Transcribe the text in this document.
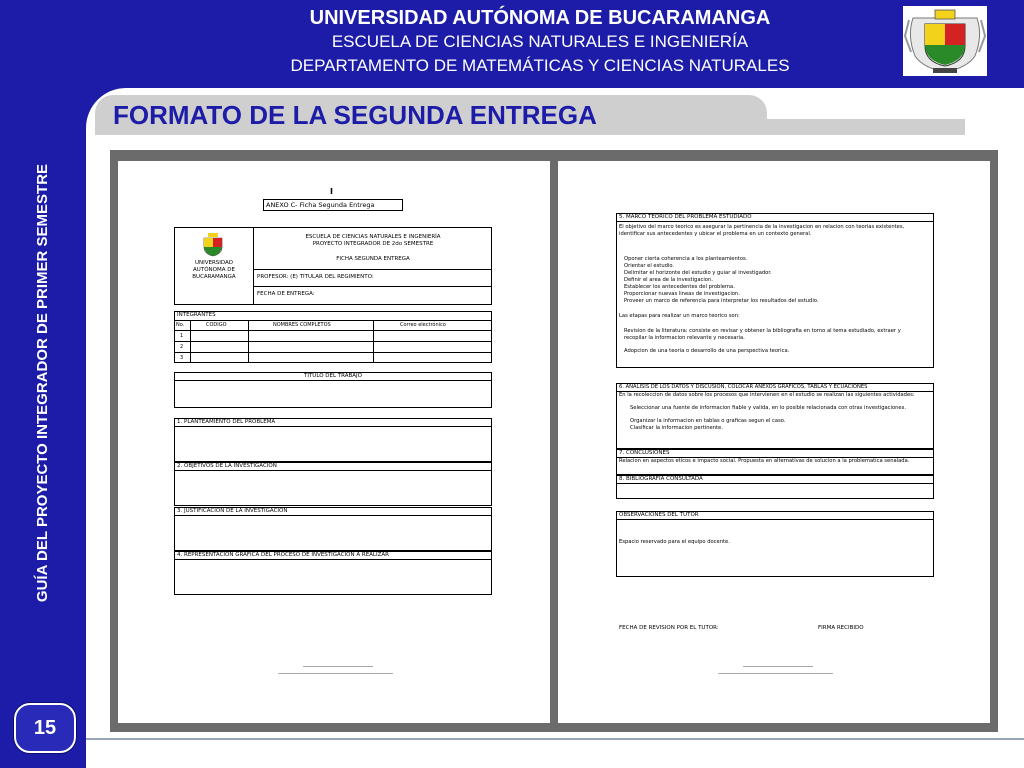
UNIVERSIDAD AUTÓNOMA DE BUCARAMANGA
ESCUELA DE CIENCIAS NATURALES E INGENIERÍA
DEPARTAMENTO DE MATEMÁTICAS Y CIENCIAS NATURALES
GUÍA DEL PROYECTO INTEGRADOR DE PRIMER SEMESTRE
FORMATO DE LA SEGUNDA ENTREGA
I
ANEXO C- Ficha Segunda Entrega
UNIVERSIDAD
AUTÓNOMA DE
BUCARAMANGA
ESCUELA DE CIENCIAS NATURALES E INGENIERÍA
PROYECTO INTEGRADOR DE 2do SEMESTRE
FICHA SEGUNDA ENTREGA
PROFESOR: (E) TITULAR DEL REGIMIENTO:
FECHA DE ENTREGA:
INTEGRANTES
No.	CODIGO	NOMBRES COMPLETOS	Correo electrónico
1
2
3
TITULO DEL TRABAJO
1. PLANTEAMIENTO DEL PROBLEMA
2. OBJETIVOS DE LA INVESTIGACION
3. JUSTIFICACION DE LA INVESTIGACION
4. REPRESENTACION GRAFICA DEL PROCESO DE INVESTIGACION A REALIZAR
5. MARCO TEORICO DEL PROBLEMA ESTUDIADO
El objetivo del marco teorico es asegurar la pertinencia de la investigacion en relacion con teorias existentes, identificar sus antecedentes y ubicar el problema en un contexto general.
Oponer cierta coherencia a los planteamientos.
Orientar el estudio.
Delimitar el horizonte del estudio y guiar al investigador.
Definir el area de la investigacion.
Establecer los antecedentes del problema.
Proporcionar nuevas lineas de investigacion.
Proveer un marco de referencia para interpretar los resultados del estudio.
Las etapas para realizar un marco teorico son:
Revision de la literatura: consiste en revisar y obtener la bibliografia en torno al tema estudiado, extraer y recopilar la informacion relevante y necesaria.
Adopcion de una teoria o desarrollo de una perspectiva teorica.
6. ANALISIS DE LOS DATOS Y DISCUSION, COLOCAR ANEXOS GRAFICOS, TABLAS Y ECUACIONES
En la recoleccion de datos sobre los procesos que intervienen en el estudio se realizan las siguientes actividades:
Seleccionar una fuente de informacion fiable y valida, en lo posible relacionada con otras investigaciones.
Organizar la informacion en tablas o graficas segun el caso.
Clasificar la informacion pertinente.
7. CONCLUSIONES
Relacion en aspectos eticos e impacto social. Propuesta en alternativas de solucion a la problematica senalada.
8. BIBLIOGRAFIA CONSULTADA
OBSERVACIONES DEL TUTOR
Espacio reservado para el equipo docente.
FECHA DE REVISION POR EL TUTOR:	FIRMA RECIBIDO
15
